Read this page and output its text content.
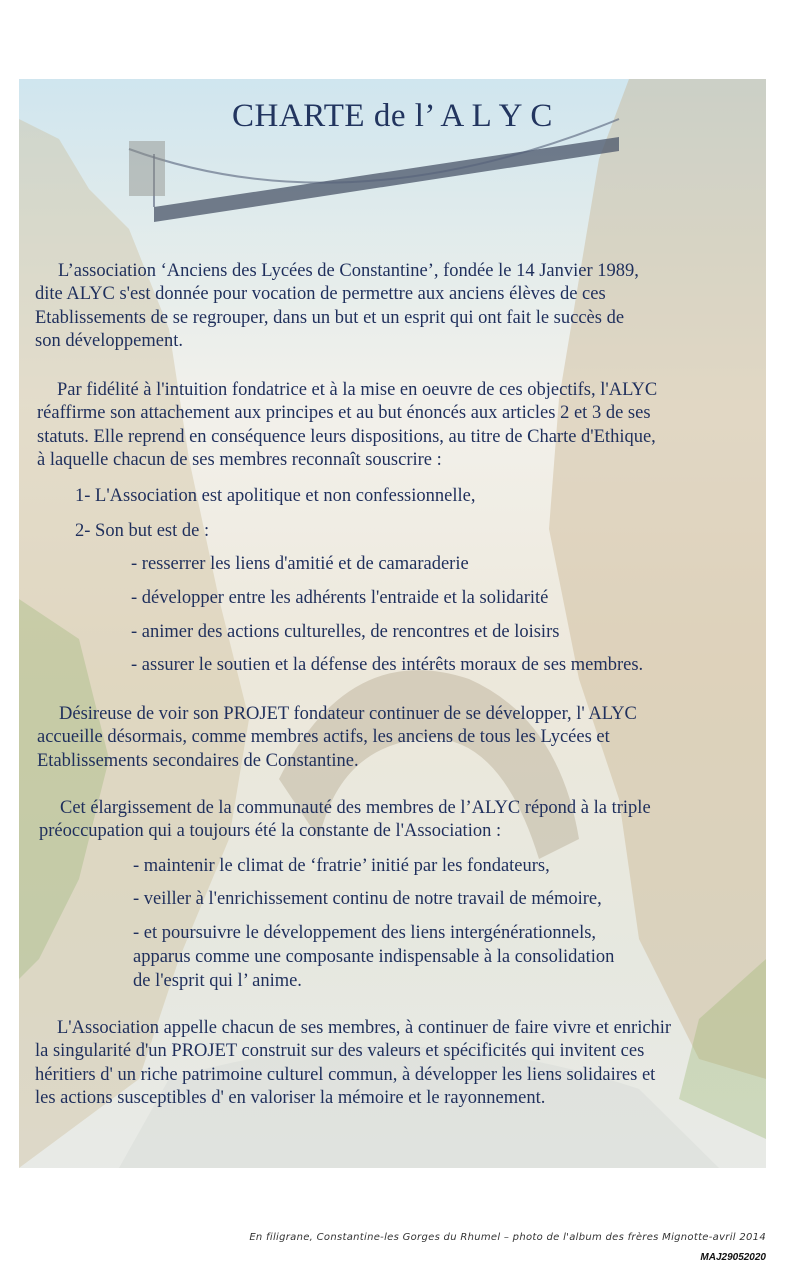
CHARTE de l’ A L Y C
L’association ‘Anciens des Lycées de Constantine’, fondée le 14 Janvier 1989,
dite ALYC s'est donnée pour vocation de permettre aux anciens élèves de ces
Etablissements de se regrouper, dans un but et un esprit qui ont fait le succès de
son développement.
Par fidélité à l'intuition fondatrice et à la mise en oeuvre de ces objectifs, l'ALYC
réaffirme son attachement aux principes et au but énoncés aux articles 2 et 3 de ses
statuts. Elle reprend en conséquence leurs dispositions, au titre de Charte d'Ethique,
à laquelle chacun de ses membres reconnaît souscrire :
1- L'Association est apolitique et non confessionnelle,
2- Son but est de :
- resserrer les liens d'amitié et de camaraderie
- développer entre les adhérents l'entraide et la solidarité
- animer des actions culturelles, de rencontres et de loisirs
- assurer le soutien et la défense des intérêts moraux de ses membres.
Désireuse de voir son PROJET fondateur continuer de se développer, l' ALYC
accueille désormais, comme membres actifs, les anciens de tous les Lycées et
Etablissements secondaires de Constantine.
Cet élargissement de la communauté des membres de l’ALYC répond à la triple
préoccupation qui a toujours été la constante de l'Association :
- maintenir le climat de ‘fratrie’ initié par les fondateurs,
- veiller à l'enrichissement continu de notre travail de mémoire,
- et poursuivre le développement des liens intergénérationnels,
apparus comme une composante indispensable à la consolidation
de l'esprit qui l’ anime.
L'Association appelle chacun de ses membres, à continuer de faire vivre et enrichir
la singularité d'un PROJET construit sur des valeurs et spécificités qui invitent ces
héritiers d' un riche patrimoine culturel commun, à développer les liens solidaires et
les actions susceptibles d' en valoriser la mémoire et le rayonnement.
En filigrane, Constantine-les Gorges du Rhumel – photo de l'album des frères Mignotte-avril 2014
MAJ29052020
